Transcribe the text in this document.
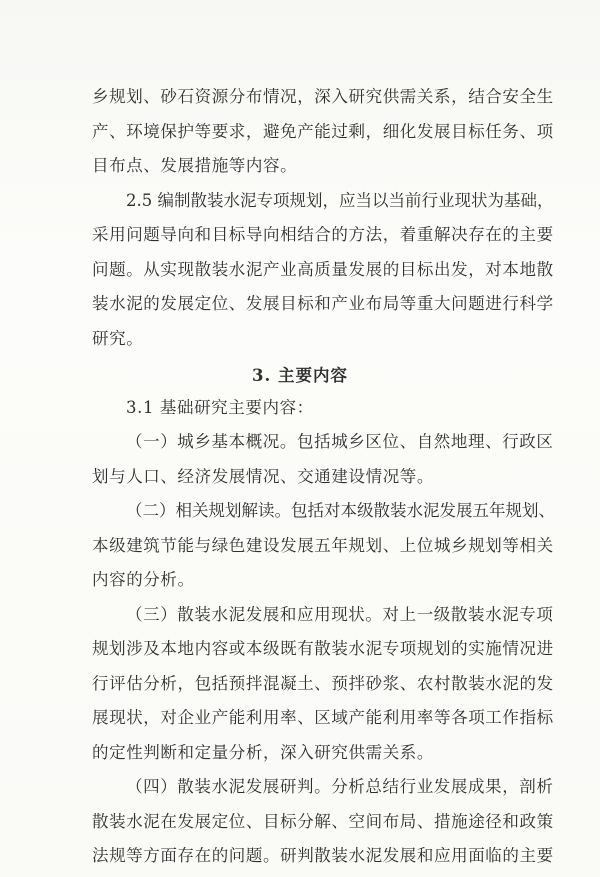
乡规划、砂石资源分布情况，深入研究供需关系，结合安全生
产、环境保护等要求，避免产能过剩，细化发展目标任务、项
目布点、发展措施等内容。
2.5 编制散装水泥专项规划，应当以当前行业现状为基础，
采用问题导向和目标导向相结合的方法，着重解决存在的主要
问题。从实现散装水泥产业高质量发展的目标出发，对本地散
装水泥的发展定位、发展目标和产业布局等重大问题进行科学
研究。
3. 主要内容
3.1 基础研究主要内容：
（一）城乡基本概况。包括城乡区位、自然地理、行政区
划与人口、经济发展情况、交通建设情况等。
（二）相关规划解读。包括对本级散装水泥发展五年规划、
本级建筑节能与绿色建设发展五年规划、上位城乡规划等相关
内容的分析。
（三）散装水泥发展和应用现状。对上一级散装水泥专项
规划涉及本地内容或本级既有散装水泥专项规划的实施情况进
行评估分析，包括预拌混凝土、预拌砂浆、农村散装水泥的发
展现状，对企业产能利用率、区域产能利用率等各项工作指标
的定性判断和定量分析，深入研究供需关系。
（四）散装水泥发展研判。分析总结行业发展成果，剖析
散装水泥在发展定位、目标分解、空间布局、措施途径和政策
法规等方面存在的问题。研判散装水泥发展和应用面临的主要
